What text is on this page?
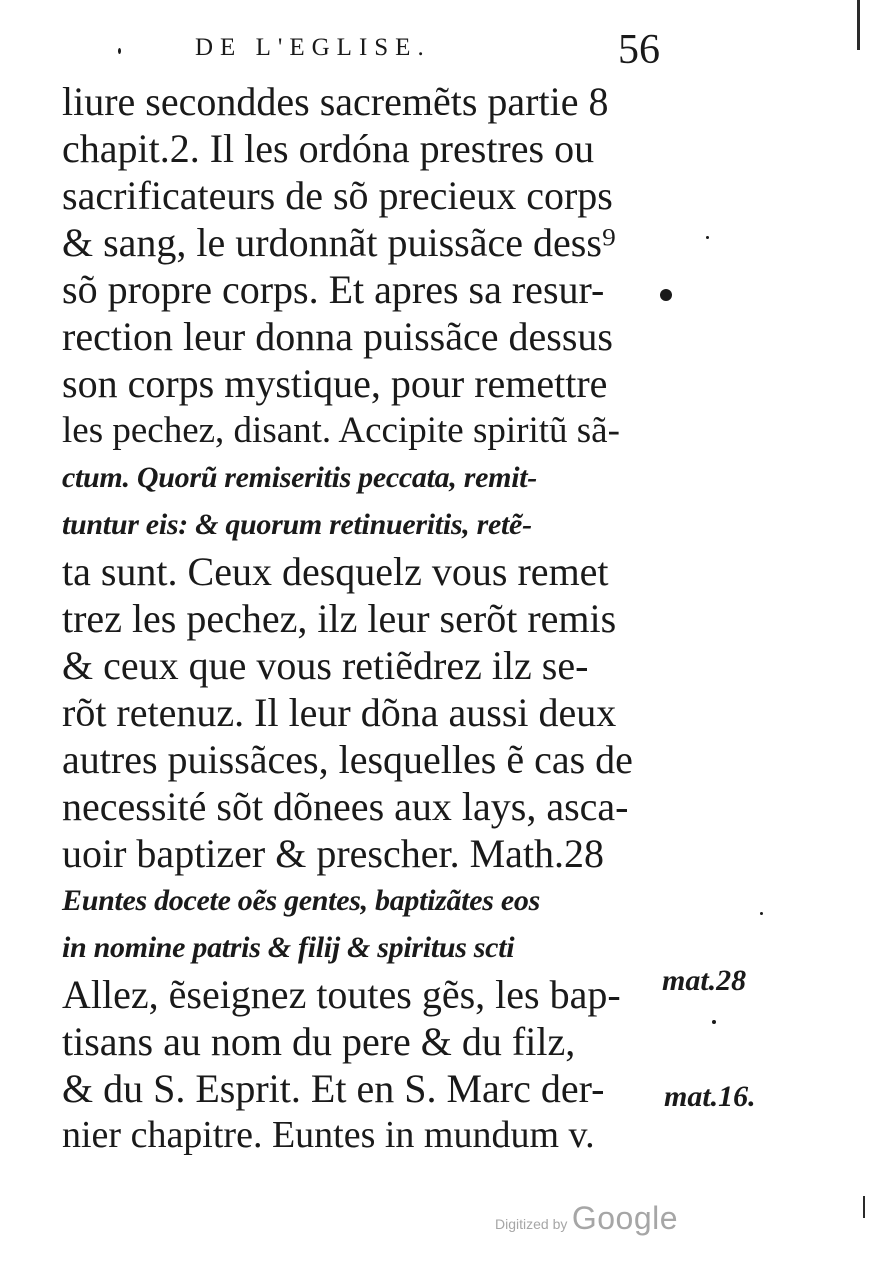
DE L'EGLISE.	56
liure seconddes sacremẽts partie 8
chapit.2. Il les ordóna prestres ou
sacrificateurs de sõ precieux corps
& sang, le urdonnãt puissãce dess⁹
sõ propre corps. Et apres sa resur-
rection leur donna puissãce dessus
son corps mystique, pour remettre
les pechez, disant. Accipite spiritũ sã-
ctum. Quorũ remiseritis peccata, remit-
tuntur eis: & quorum retinueritis, retẽ-
ta sunt. Ceux desquelz vous remet
trez les pechez, ilz leur serõt remis
& ceux que vous retiẽdrez ilz se-
rõt retenuz. Il leur dõna aussi deux
autres puissãces, lesquelles ẽ cas de
necessité sõt dõnees aux lays, asca-
uoir baptizer & prescher. Math.28
Euntes docete oẽs gentes, baptizãtes eos
in nomine patris & filij & spiritus scti
Allez, ẽseignez toutes gẽs, les bap-
tisans au nom du pere & du filz,
& du S. Esprit. Et en S. Marc der-
nier chapitre. Euntes in mundum v.
mat.28
mat.16.
Digitized by Google
